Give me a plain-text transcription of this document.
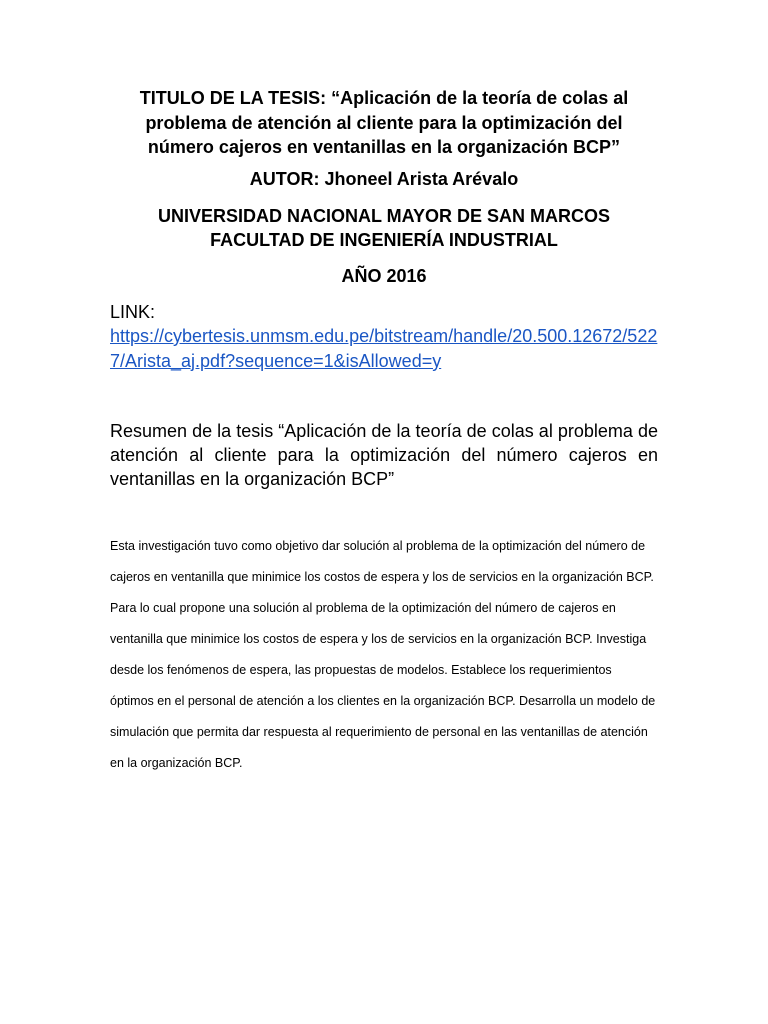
TITULO DE LA TESIS: “Aplicación de la teoría de colas al problema de atención al cliente para la optimización del número cajeros en ventanillas en la organización BCP”

AUTOR: Jhoneel Arista Arévalo
UNIVERSIDAD NACIONAL MAYOR DE SAN MARCOS
FACULTAD DE INGENIERÍA INDUSTRIAL
AÑO 2016
LINK:
https://cybertesis.unmsm.edu.pe/bitstream/handle/20.500.12672/5227/Arista_aj.pdf?sequence=1&isAllowed=y
Resumen de la tesis “Aplicación de la teoría de colas al problema de atención al cliente para la optimización del número cajeros en ventanillas en la organización BCP”
Esta investigación tuvo como objetivo dar solución al problema de la optimización del número de cajeros en ventanilla que minimice los costos de espera y los de servicios en la organización BCP. Para lo cual propone una solución al problema de la optimización del número de cajeros en ventanilla que minimice los costos de espera y los de servicios en la organización BCP. Investiga desde los fenómenos de espera, las propuestas de modelos. Establece los requerimientos óptimos en el personal de atención a los clientes en la organización BCP. Desarrolla un modelo de simulación que permita dar respuesta al requerimiento de personal en las ventanillas de atención en la organización BCP.
